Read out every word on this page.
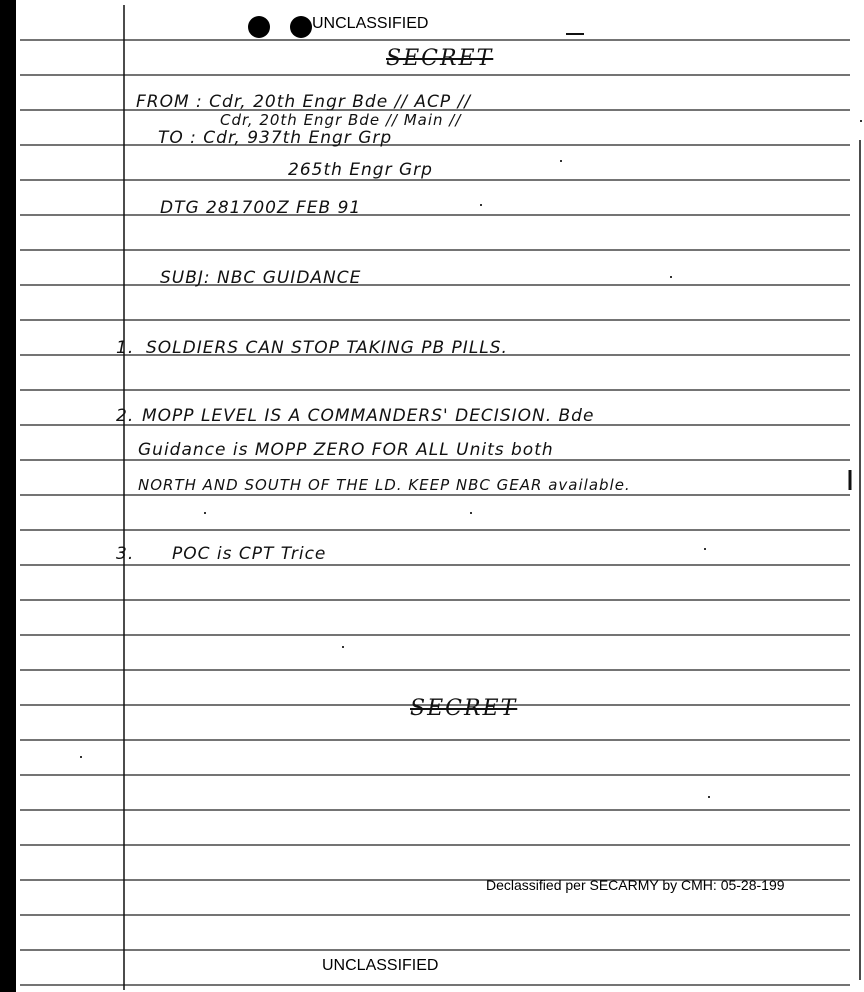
UNCLASSIFIED
SECRET
FROM : Cdr, 20th Engr Bde // ACP //
Cdr, 20th Engr Bde // Main //
TO : Cdr, 937th Engr Grp
265th Engr Grp
DTG 281700Z FEB 91
SUBJ: NBC GUIDANCE
1. SOLDIERS CAN STOP TAKING PB PILLS.
2. MOPP LEVEL IS A COMMANDERS' DECISION. Bde
Guidance is MOPP ZERO FOR ALL Units both
NORTH AND SOUTH OF THE LD. KEEP NBC GEAR available.
3. POC is CPT Trice
SECRET
Declassified per SECARMY by CMH: 05-28-199
UNCLASSIFIED
